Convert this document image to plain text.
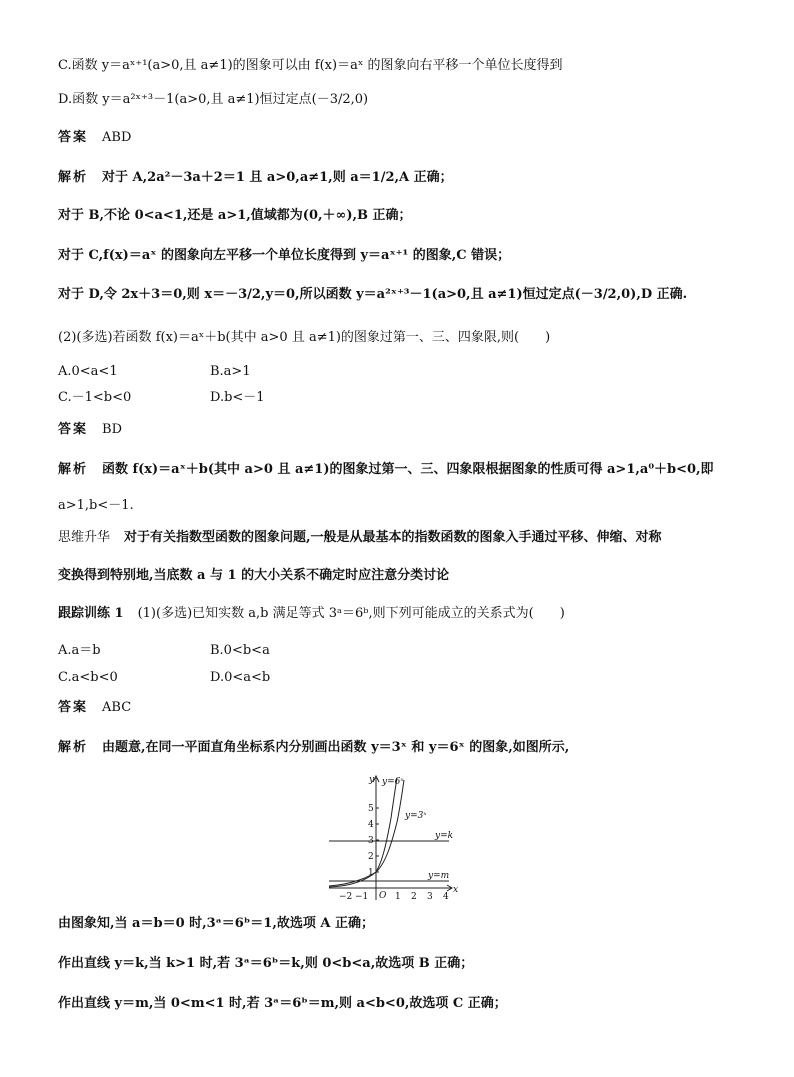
C.函数 y＝aˣ⁺¹(a>0,且 a≠1)的图象可以由 f(x)＝aˣ 的图象向右平移一个单位长度得到
D.函数 y＝a²ˣ⁺³－1(a>0,且 a≠1)恒过定点(－3/2,0)
答案 ABD
解析 对于 A,2a²－3a＋2＝1 且 a>0,a≠1,则 a＝1/2,A 正确；
对于 B,不论 0<a<1,还是 a>1,值域都为(0,＋∞),B 正确；
对于 C,f(x)＝aˣ 的图象向左平移一个单位长度得到 y＝aˣ⁺¹ 的图象,C 错误；
对于 D,令 2x＋3＝0,则 x＝－3/2,y＝0,所以函数 y＝a²ˣ⁺³－1(a>0,且 a≠1)恒过定点(－3/2,0),D 正确.
(2)(多选)若函数 f(x)＝aˣ＋b(其中 a>0 且 a≠1)的图象过第一、三、四象限,则(　　)
A.0<a<1	B.a>1
C.－1<b<0	D.b<－1
答案 BD
解析 函数 f(x)＝aˣ＋b(其中 a>0 且 a≠1)的图象过第一、三、四象限根据图象的性质可得 a>1,a⁰＋b<0,即
a>1,b<－1.
思维升华 对于有关指数型函数的图象问题,一般是从最基本的指数函数的图象入手通过平移、伸缩、对称
变换得到特别地,当底数 a 与 1 的大小关系不确定时应注意分类讨论
跟踪训练 1 (1)(多选)已知实数 a,b 满足等式 3ᵃ＝6ᵇ,则下列可能成立的关系式为(　　)
A.a＝b	B.0<b<a
C.a<b<0	D.0<a<b
答案 ABC
解析 由题意,在同一平面直角坐标系内分别画出函数 y＝3ˣ 和 y＝6ˣ 的图象,如图所示,
y
x
y=6ˣ
y=3ˣ
y=k
y=m
O
−2 −1	1 2 3 4
1
2
3
4
5
由图象知,当 a＝b＝0 时,3ᵃ＝6ᵇ＝1,故选项 A 正确；
作出直线 y＝k,当 k>1 时,若 3ᵃ＝6ᵇ＝k,则 0<b<a,故选项 B 正确；
作出直线 y＝m,当 0<m<1 时,若 3ᵃ＝6ᵇ＝m,则 a<b<0,故选项 C 正确；
